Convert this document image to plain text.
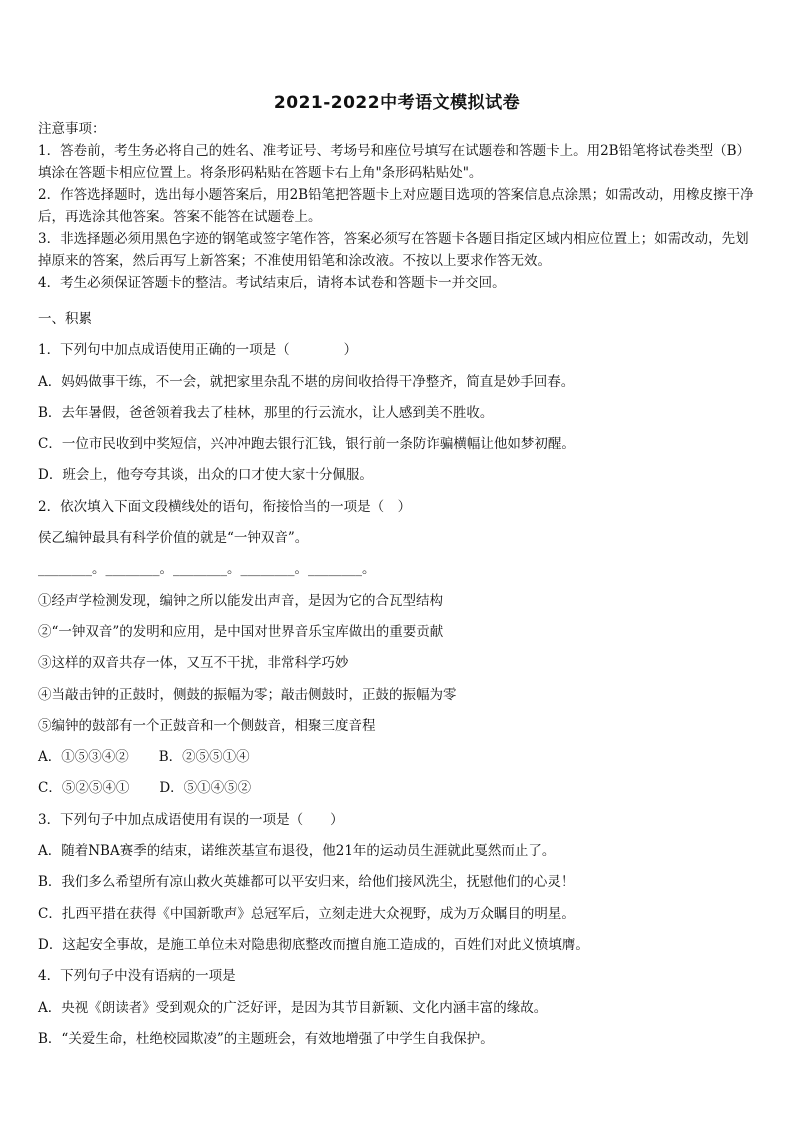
2021-2022中考语文模拟试卷

注意事项：

1．答卷前，考生务必将自己的姓名、准考证号、考场号和座位号填写在试题卷和答题卡上。用2B铅笔将试卷类型（B）填涂在答题卡相应位置上。将条形码粘贴在答题卡右上角"条形码粘贴处"。

2．作答选择题时，选出每小题答案后，用2B铅笔把答题卡上对应题目选项的答案信息点涂黑；如需改动，用橡皮擦干净后，再选涂其他答案。答案不能答在试题卷上。

3．非选择题必须用黑色字迹的钢笔或签字笔作答，答案必须写在答题卡各题目指定区域内相应位置上；如需改动，先划掉原来的答案，然后再写上新答案；不准使用铅笔和涂改液。不按以上要求作答无效。

4．考生必须保证答题卡的整洁。考试结束后，请将本试卷和答题卡一并交回。

一、积累
1．下列句中加点成语使用正确的一项是（　　　　）
A．妈妈做事干练，不一会，就把家里杂乱不堪的房间收拾得干净整齐，简直是妙手回春。
B．去年暑假，爸爸领着我去了桂林，那里的行云流水，让人感到美不胜收。
C．一位市民收到中奖短信，兴冲冲跑去银行汇钱，银行前一条防诈骗横幅让他如梦初醒。
D．班会上，他夸夸其谈，出众的口才使大家十分佩服。
2．依次填入下面文段横线处的语句，衔接恰当的一项是（　）
侯乙编钟最具有科学价值的就是“一钟双音”。
________。________。________。________。________。
①经声学检测发现，编钟之所以能发出声音，是因为它的合瓦型结构
②“一钟双音”的发明和应用，是中国对世界音乐宝库做出的重要贡献
③这样的双音共存一体，又互不干扰，非常科学巧妙
④当敲击钟的正鼓时，侧鼓的振幅为零；敲击侧鼓时，正鼓的振幅为零
⑤编钟的鼓部有一个正鼓音和一个侧鼓音，相聚三度音程
A．①⑤③④② B．②⑤⑤①④
C．⑤②⑤④① D．⑤①④⑤②
3．下列句子中加点成语使用有误的一项是（　　）
A．随着NBA赛季的结束，诺维茨基宣布退役，他21年的运动员生涯就此戛然而止了。
B．我们多么希望所有凉山救火英雄都可以平安归来，给他们接风洗尘，抚慰他们的心灵！
C．扎西平措在获得《中国新歌声》总冠军后，立刻走进大众视野，成为万众瞩目的明星。
D．这起安全事故，是施工单位未对隐患彻底整改而擅自施工造成的，百姓们对此义愤填膺。
4．下列句子中没有语病的一项是
A．央视《朗读者》受到观众的广泛好评，是因为其节目新颖、文化内涵丰富的缘故。
B．“关爱生命，杜绝校园欺凌”的主题班会，有效地增强了中学生自我保护。
